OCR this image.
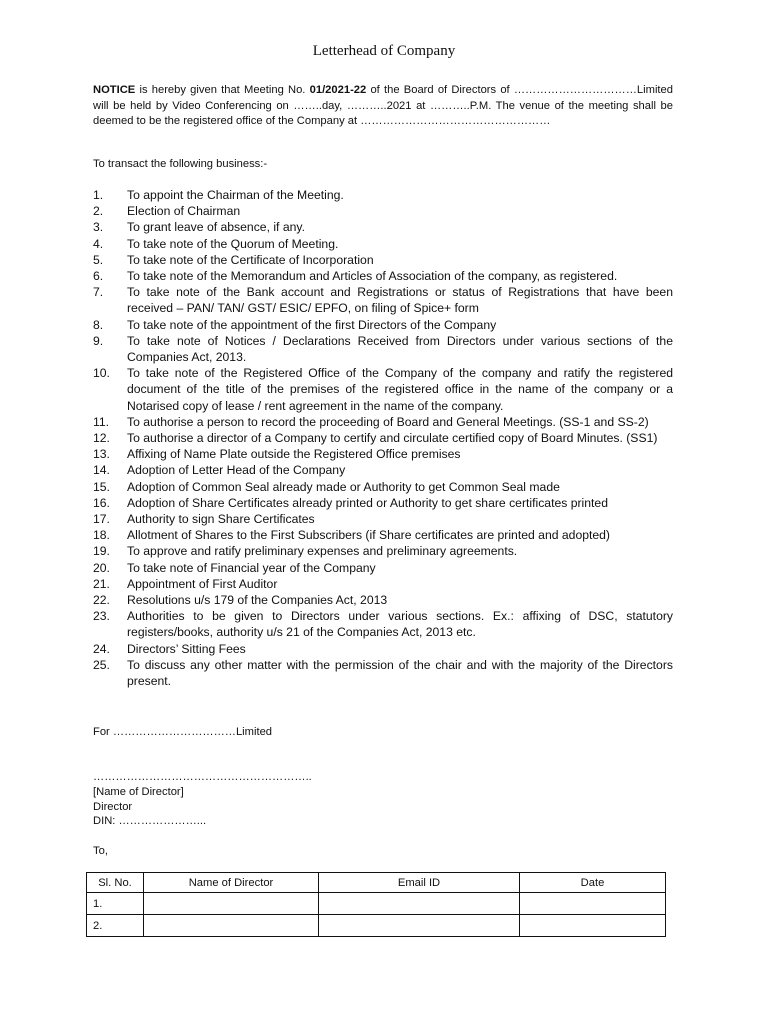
Letterhead of Company

NOTICE is hereby given that Meeting No. 01/2021-22 of the Board of Directors of ……………………………Limited will be held by Video Conferencing on ……..day, ………..2021 at ………..P.M. The venue of the meeting shall be deemed to be the registered office of the Company at ……………………………………………

To transact the following business:-
1.	To appoint the Chairman of the Meeting.
2.	Election of Chairman
3.	To grant leave of absence, if any.
4.	To take note of the Quorum of Meeting.
5.	To take note of the Certificate of Incorporation
6.	To take note of the Memorandum and Articles of Association of the company, as registered.
7.	To take note of the Bank account and Registrations or status of Registrations that have been received – PAN/ TAN/ GST/ ESIC/ EPFO, on filing of Spice+ form
8.	To take note of the appointment of the first Directors of the Company
9.	To take note of Notices / Declarations Received from Directors under various sections of the Companies Act, 2013.
10.	To take note of the Registered Office of the Company of the company and ratify the registered document of the title of the premises of the registered office in the name of the company or a Notarised copy of lease / rent agreement in the name of the company.
11.	To authorise a person to record the proceeding of Board and General Meetings. (SS-1 and SS-2)
12.	To authorise a director of a Company to certify and circulate certified copy of Board Minutes. (SS1)
13.	Affixing of Name Plate outside the Registered Office premises
14.	Adoption of Letter Head of the Company
15.	Adoption of Common Seal already made or Authority to get Common Seal made
16.	Adoption of Share Certificates already printed or Authority to get share certificates printed
17.	Authority to sign Share Certificates
18.	Allotment of Shares to the First Subscribers (if Share certificates are printed and adopted)
19.	To approve and ratify preliminary expenses and preliminary agreements.
20.	To take note of Financial year of the Company
21.	Appointment of First Auditor
22.	Resolutions u/s 179 of the Companies Act, 2013
23.	Authorities to be given to Directors under various sections. Ex.: affixing of DSC, statutory registers/books, authority u/s 21 of the Companies Act, 2013 etc.
24.	Directors’ Sitting Fees
25.	To discuss any other matter with the permission of the chair and with the majority of the Directors present.
For ……………………………Limited
…………………………………………………..
[Name of Director]
Director
DIN: …………………...
To,
Sl. No.	Name of Director	Email ID	Date
1.			
2.			
